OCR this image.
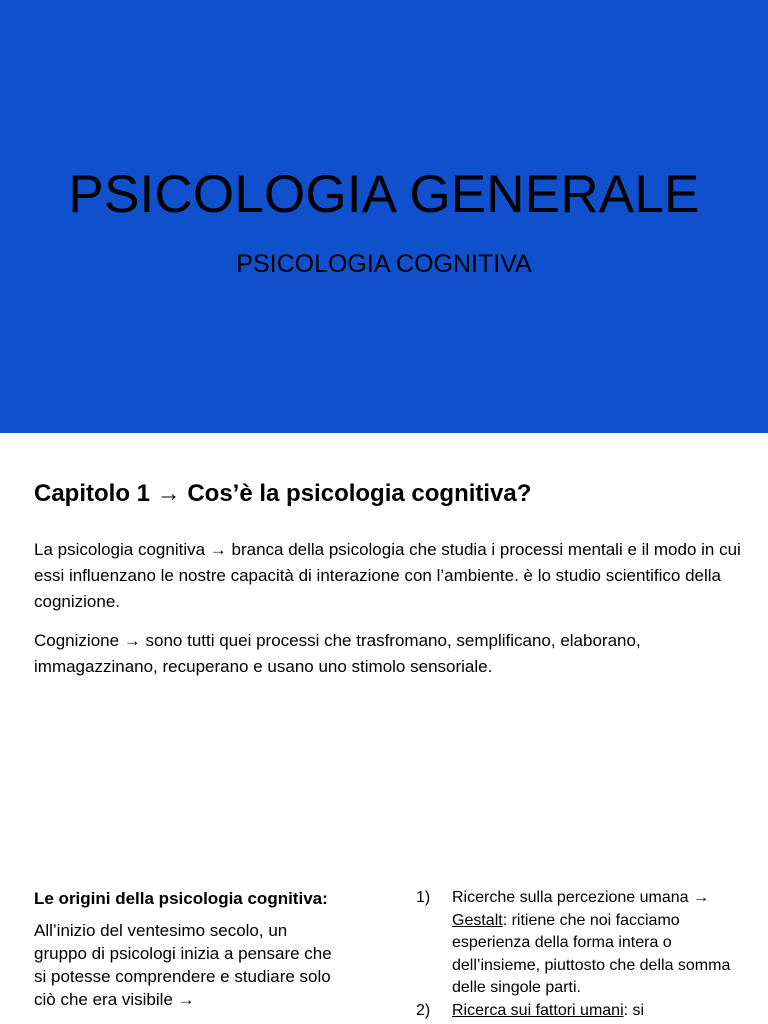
PSICOLOGIA GENERALE
PSICOLOGIA COGNITIVA
Capitolo 1 → Cos’è la psicologia cognitiva?
La psicologia cognitiva → branca della psicologia che studia i processi mentali e il modo in cui essi influenzano le nostre capacità di interazione con l’ambiente. è lo studio scientifico della cognizione.
Cognizione → sono tutti quei processi che trasfromano, semplificano, elaborano, immagazzinano, recuperano e usano uno stimolo sensoriale.
Le origini della psicologia cognitiva:
All’inizio del ventesimo secolo, un gruppo di psicologi inizia a pensare che si potesse comprendere e studiare solo ciò che era visibile →
1) Ricerche sulla percezione umana → Gestalt: ritiene che noi facciamo esperienza della forma intera o dell’insieme, piuttosto che della somma delle singole parti.
2) Ricerca sui fattori umani: si
